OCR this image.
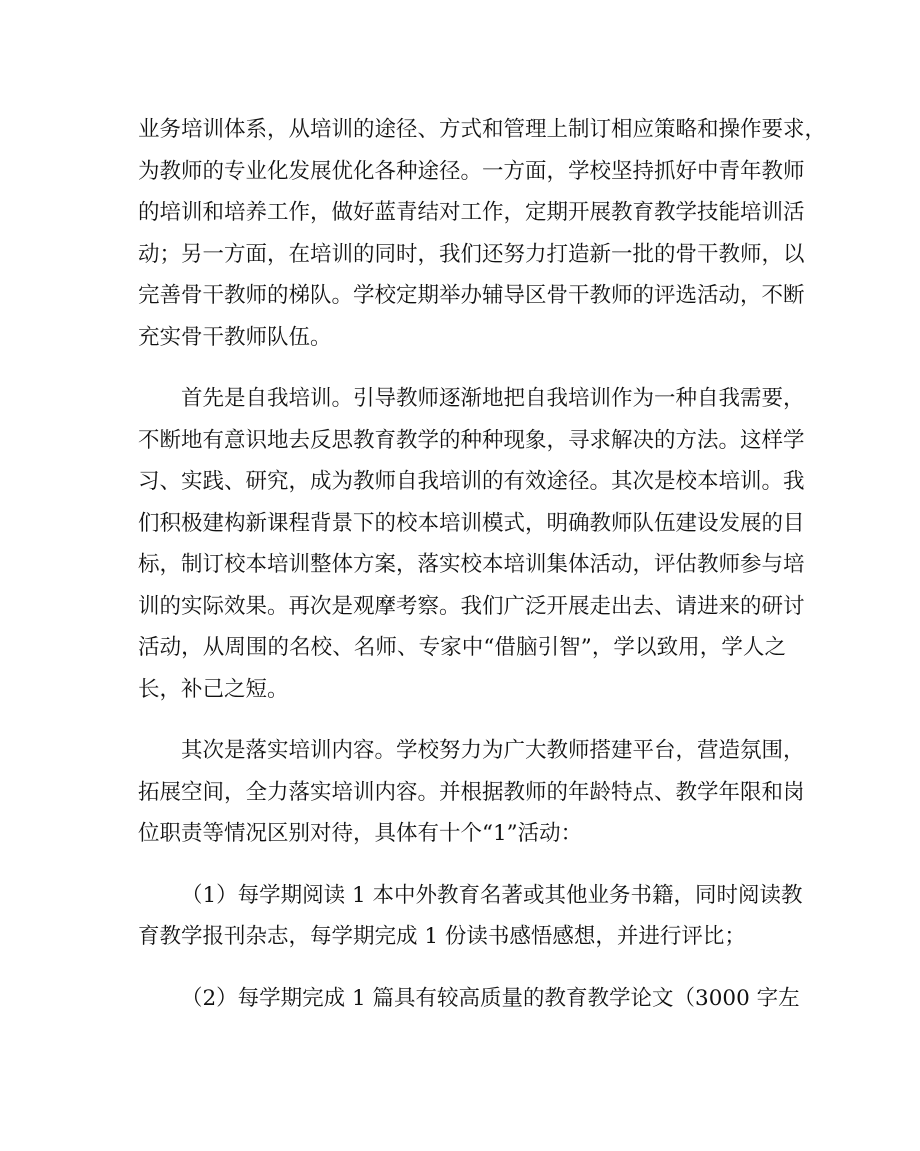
业务培训体系，从培训的途径、方式和管理上制订相应策略和操作要求，
为教师的专业化发展优化各种途径。一方面，学校坚持抓好中青年教师
的培训和培养工作，做好蓝青结对工作，定期开展教育教学技能培训活
动；另一方面，在培训的同时，我们还努力打造新一批的骨干教师，以
完善骨干教师的梯队。学校定期举办辅导区骨干教师的评选活动，不断
充实骨干教师队伍。
首先是自我培训。引导教师逐渐地把自我培训作为一种自我需要，
不断地有意识地去反思教育教学的种种现象，寻求解决的方法。这样学
习、实践、研究，成为教师自我培训的有效途径。其次是校本培训。我
们积极建构新课程背景下的校本培训模式，明确教师队伍建设发展的目
标，制订校本培训整体方案，落实校本培训集体活动，评估教师参与培
训的实际效果。再次是观摩考察。我们广泛开展走出去、请进来的研讨
活动，从周围的名校、名师、专家中“借脑引智”，学以致用，学人之
长，补己之短。
其次是落实培训内容。学校努力为广大教师搭建平台，营造氛围，
拓展空间，全力落实培训内容。并根据教师的年龄特点、教学年限和岗
位职责等情况区别对待，具体有十个“1”活动：
（1）每学期阅读 1 本中外教育名著或其他业务书籍，同时阅读教
育教学报刊杂志，每学期完成 1 份读书感悟感想，并进行评比；
（2）每学期完成 1 篇具有较高质量的教育教学论文（3000 字左
